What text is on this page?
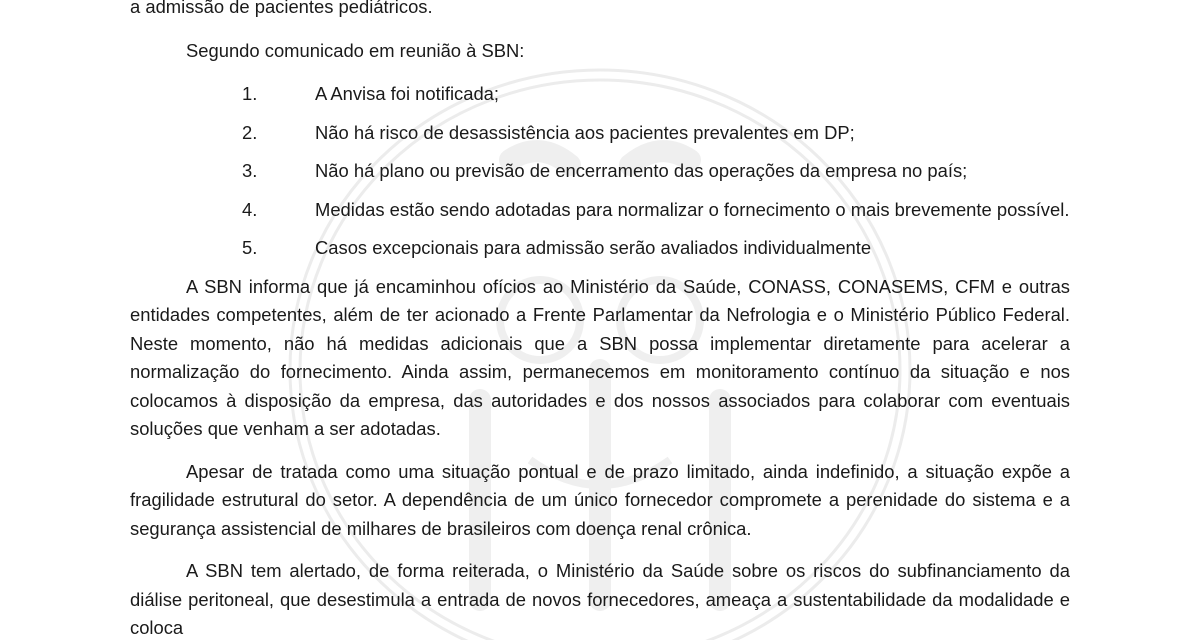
a admissão de pacientes pediátricos.

Segundo comunicado em reunião à SBN:

1.	A Anvisa foi notificada;
2.	Não há risco de desassistência aos pacientes prevalentes em DP;
3.	Não há plano ou previsão de encerramento das operações da empresa no país;
4.	Medidas estão sendo adotadas para normalizar o fornecimento o mais brevemente possível.
5.	Casos excepcionais para admissão serão avaliados individualmente

A SBN informa que já encaminhou ofícios ao Ministério da Saúde, CONASS, CONASEMS, CFM e outras entidades competentes, além de ter acionado a Frente Parlamentar da Nefrologia e o Ministério Público Federal. Neste momento, não há medidas adicionais que a SBN possa implementar diretamente para acelerar a normalização do fornecimento. Ainda assim, permanecemos em monitoramento contínuo da situação e nos colocamos à disposição da empresa, das autoridades e dos nossos associados para colaborar com eventuais soluções que venham a ser adotadas.

Apesar de tratada como uma situação pontual e de prazo limitado, ainda indefinido, a situação expõe a fragilidade estrutural do setor. A dependência de um único fornecedor compromete a perenidade do sistema e a segurança assistencial de milhares de brasileiros com doença renal crônica.

A SBN tem alertado, de forma reiterada, o Ministério da Saúde sobre os riscos do subfinanciamento da diálise peritoneal, que desestimula a entrada de novos fornecedores, ameaça a sustentabilidade da modalidade e coloca
